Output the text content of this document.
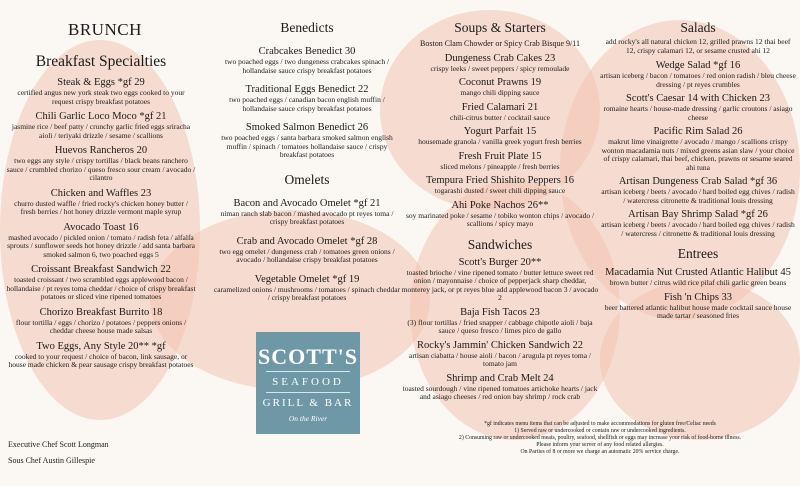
BRUNCH
Breakfast Specialties
Steak & Eggs *gf 29
certified angus new york steak two eggs cooked to your request crispy breakfast potatoes
Chili Garlic Loco Moco *gf 21
jasmine rice / beef patty / crunchy garlic fried eggs sriracha aioli / teriyaki drizzle / sesame / scallions
Huevos Rancheros 20
two eggs any style / crispy tortillas / black beans ranchero sauce / crumbled chorizo / queso fresco sour cream / avocado / cilantro
Chicken and Waffles 23
churro dusted waffle / fried rocky's chicken honey butter / fresh berries / hot honey drizzle vermont maple syrup
Avocado Toast 16
mashed avocado / pickled onion / tomato / radish feta / alfalfa sprouts / sunflower seeds hot honey drizzle / add santa barbara smoked salmon 6, two poached eggs 5
Croissant Breakfast Sandwich 22
toasted croissant / two scrambled eggs applewood bacon / hollandaise / pt reyes toma cheddar / choice of crispy breakfast potatoes or sliced vine ripened tomatoes
Chorizo Breakfast Burrito 18
flour tortilla / eggs / chorizo / potatoes / peppers onions / cheddar cheese house made salsas
Two Eggs, Any Style 20** *gf
cooked to your request / choice of bacon, link sausage, or house made chicken & pear sausage crispy breakfast potatoes
Executive Chef Scott Longman
Sous Chef Austin Gillespie
Benedicts
Crabcakes Benedict 30
two poached eggs / two dungeness crabcakes spinach / hollandaise sauce crispy breakfast potatoes
Traditional Eggs Benedict 22
two poached eggs / canadian bacon english muffin / hollandaise sauce crispy breakfast potatoes
Smoked Salmon Benedict 26
two poached eggs / santa barbara smoked salmon english muffin / spinach / tomatoes hollandaise sauce / crispy breakfast potatoes
Omelets
Bacon and Avocado Omelet *gf 21
niman ranch slab bacon / mashed avocado pt reyes toma / crispy breakfast potatoes
Crab and Avocado Omelet *gf 28
two egg omelet / dungeness crab / tomatoes green onions / avocado / hollandaise crispy breakfast potatoes
Vegetable Omelet *gf 19
caramelized onions / mushrooms / tomatoes / spinach cheddar / crispy breakfast potatoes
SCOTT'S
SEAFOOD
GRILL & BAR
On the River
Soups & Starters
Boston Clam Chowder or Spicy Crab Bisque 9/11
Dungeness Crab Cakes 23
crispy leeks / sweet peppers / spicy remoulade
Coconut Prawns 19
mango chili dipping sauce
Fried Calamari 21
chili-citrus butter / cocktail sauce
Yogurt Parfait 15
housemade granola / vanilla greek yogurt fresh berries
Fresh Fruit Plate 15
sliced melons / pineapple / fresh berries
Tempura Fried Shishito Peppers 16
togarashi dusted / sweet chili dipping sauce
Ahi Poke Nachos 26**
soy marinated poke / sesame / tobiko wonton chips / avocado / scallions / spicy mayo
Sandwiches
Scott's Burger 20**
toasted brioche / vine ripened tomato / butter lettuce sweet red onion / mayonnaise / choice of pepperjack sharp cheddar, monterey jack, or pt reyes blue add applewood bacon 3 / avocado 2
Baja Fish Tacos 23
(3) flour tortillas / fried snapper / cabbage chipotle aioli / baja sauce / queso fresco / limes pico de gallo
Rocky's Jammin' Chicken Sandwich 22
artisan ciabatta / house aioli / bacon / arugula pt reyes toma / tomato jam
Shrimp and Crab Melt 24
toasted sourdough / vine ripened tomatoes artichoke hearts / jack and asiago cheeses / red onion bay shrimp / rock crab
*gf indicates menu items that can be adjusted to make accommodations for gluten free/Celiac needs
1) Served raw or undercooked or contain raw or undercooked ingredients.
2) Consuming raw or undercooked meats, poultry, seafood, shellfish or eggs may increase your risk of food-borne illness.
Please inform your server of any food related allergies.
On Parties of 8 or more we charge an automatic 20% service charge.
Salads
add rocky's all natural chicken 12, grilled prawns 12 thai beef 12, crispy calamari 12, or sesame crusted ahi 12
Wedge Salad *gf 16
artisan iceberg / bacon / tomatoes / red onion radish / bleu cheese dressing / pt reyes crumbles
Scott's Caesar 14 with Chicken 23
romaine hearts / house-made dressing / garlic croutons / asiago cheese
Pacific Rim Salad 26
makrut lime vinaigrette / avocado / mango / scallions crispy wonton macadamia nuts / mixed greens asian slaw / your choice of crispy calamari, thai beef, chicken, prawns or sesame seared ahi tuna
Artisan Dungeness Crab Salad *gf 36
artisan iceberg / beets / avocado / hard boiled egg chives / radish / watercress citronette & traditional louis dressing
Artisan Bay Shrimp Salad *gf 26
artisan iceberg / beets / avocado / hard boiled egg chives / radish / watercress / citronette & traditional louis dressing
Entrees
Macadamia Nut Crusted Atlantic Halibut 45
brown butter / citrus wild rice pilaf chili garlic green beans
Fish 'n Chips 33
beer battered atlantic halibut house made cocktail sauce house made tartar / seasoned fries
